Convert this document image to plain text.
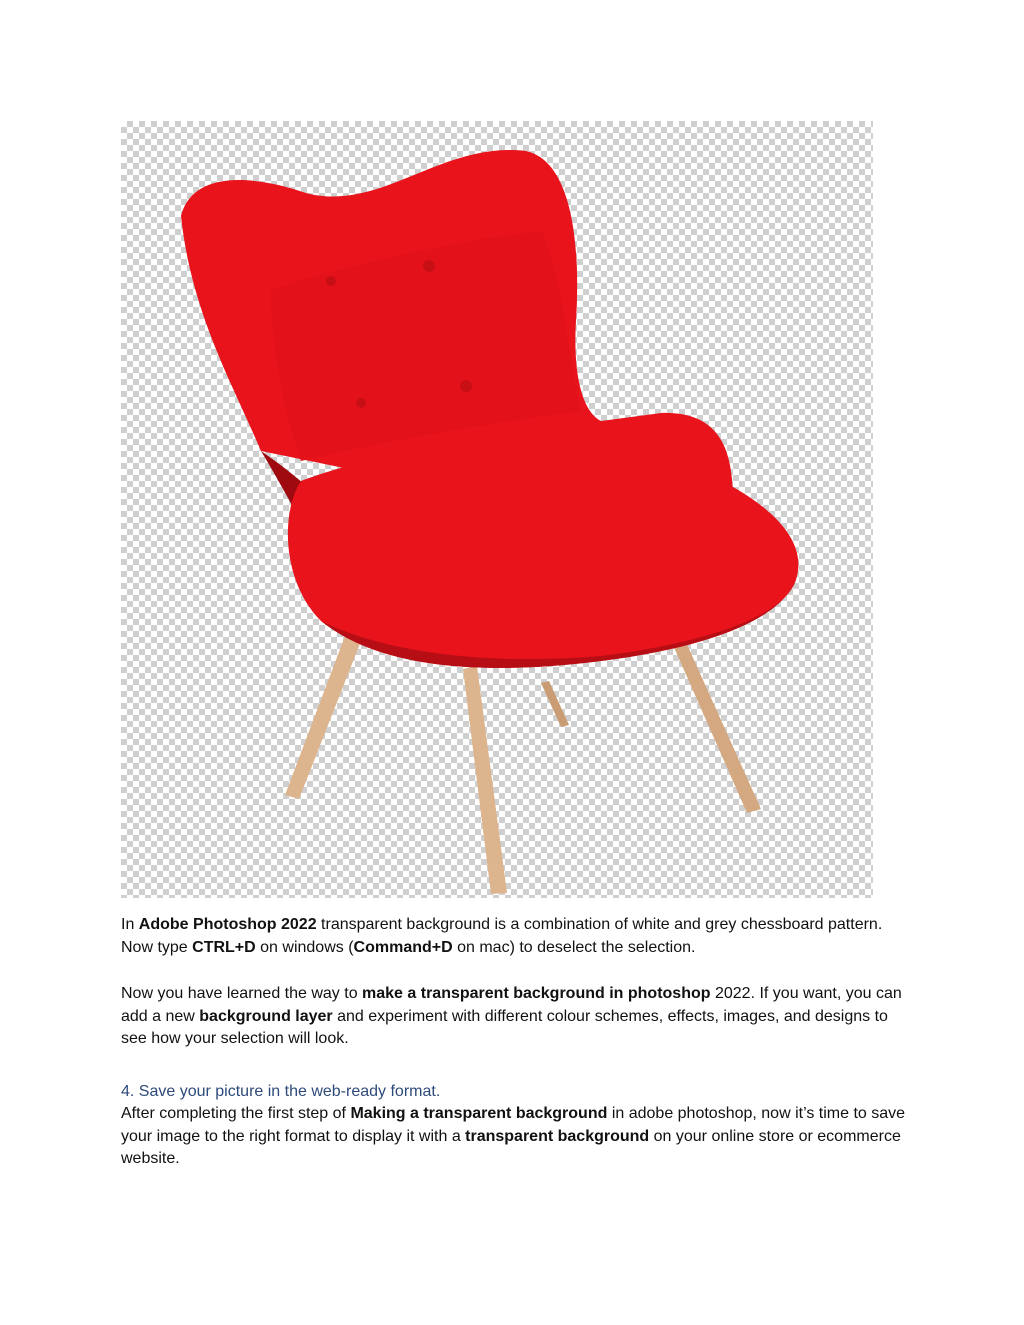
In Adobe Photoshop 2022 transparent background is a combination of white and grey chessboard pattern. Now type CTRL+D on windows (Command+D on mac) to deselect the selection.
Now you have learned the way to make a transparent background in photoshop 2022. If you want, you can add a new background layer and experiment with different colour schemes, effects, images, and designs to see how your selection will look.
4. Save your picture in the web-ready format.
After completing the first step of Making a transparent background in adobe photoshop, now it’s time to save your image to the right format to display it with a transparent background on your online store or ecommerce website.
